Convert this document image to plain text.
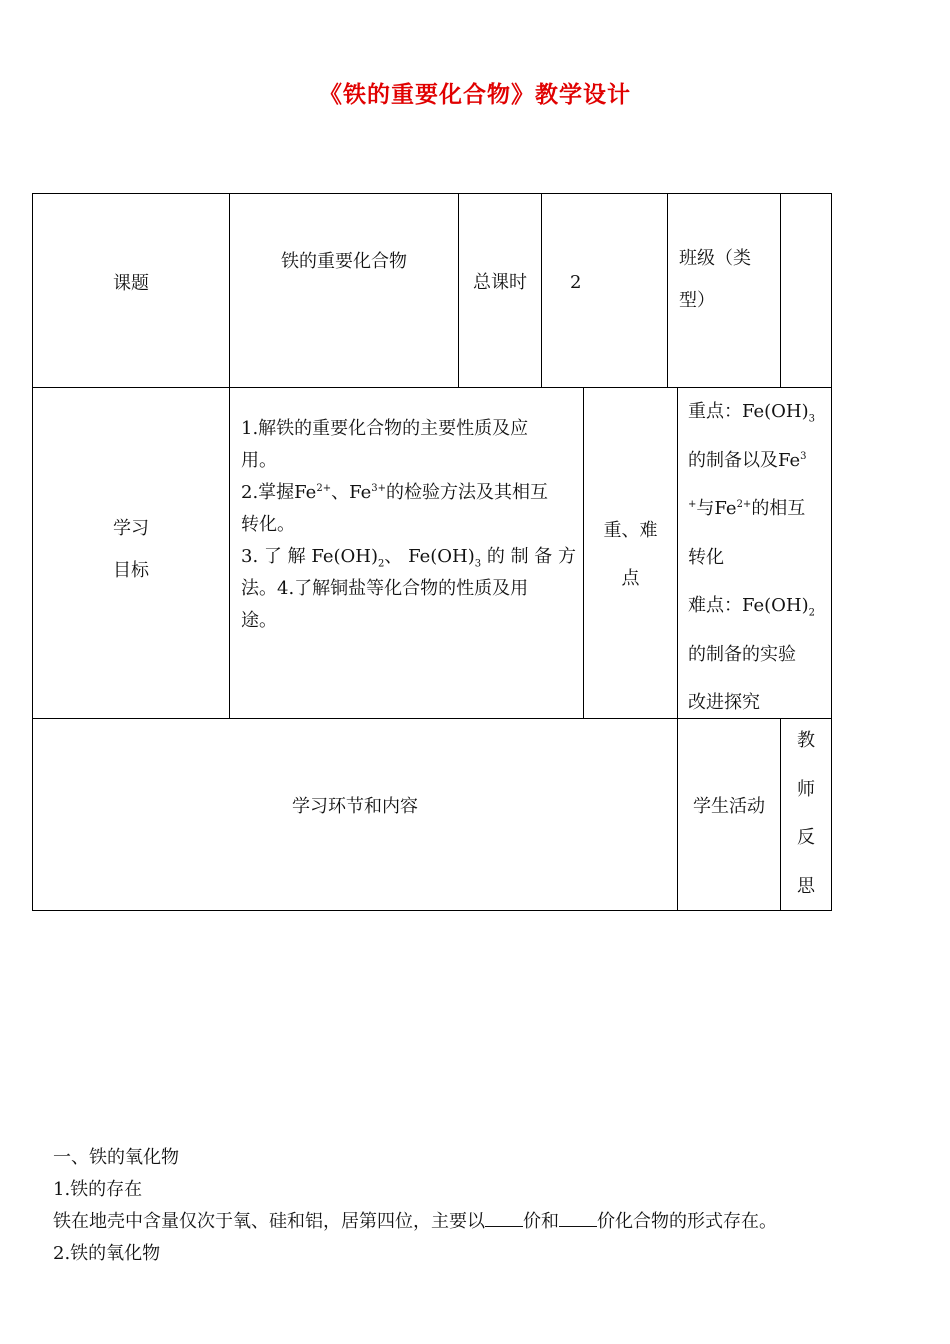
《铁的重要化合物》教学设计
课题
铁的重要化合物
总课时	2
班级（类
型）
学习
目标
1.解铁的重要化合物的主要性质及应
用。
2.掌握$Fe^{2+}$、$Fe^{3+}$的检验方法及其相互
转化。
3. 了 解 $Fe(OH)_2$、 $Fe(OH)_3$ 的 制 备 方
法。4.了解铜盐等化合物的性质及用
途。
重、难
点
重点：$Fe(OH)_3$
的制备以及Fe$^3$
+与$Fe^{2+}$的相互
转化
难点：$Fe(OH)_2$
的制备的实验
改进探究
学习环节和内容	学生活动
教
师
反
思
一、铁的氧化物
1.铁的存在
铁在地壳中含量仅次于氧、硅和铝，居第四位，主要以 价和 价化合物的形式存在。
2.铁的氧化物
